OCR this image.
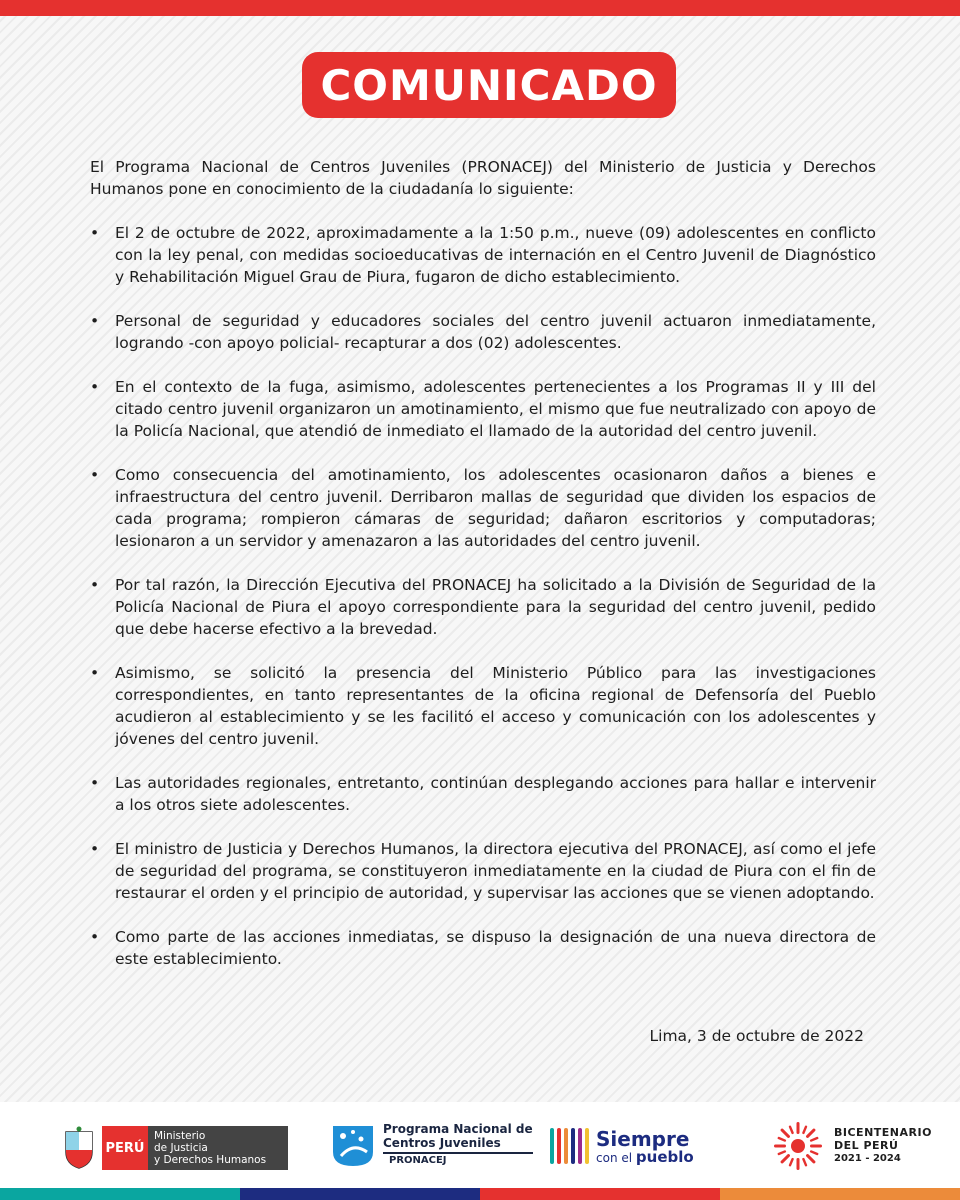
COMUNICADO

El Programa Nacional de Centros Juveniles (PRONACEJ) del Ministerio de Justicia y Derechos Humanos pone en conocimiento de la ciudadanía lo siguiente:

•	El 2 de octubre de 2022, aproximadamente a la 1:50 p.m., nueve (09) adolescentes en conflicto con la ley penal, con medidas socioeducativas de internación en el Centro Juvenil de Diagnóstico y Rehabilitación Miguel Grau de Piura, fugaron de dicho establecimiento.
•	Personal de seguridad y educadores sociales del centro juvenil actuaron inmediatamente, logrando -con apoyo policial- recapturar a dos (02) adolescentes.
•	En el contexto de la fuga, asimismo, adolescentes pertenecientes a los Programas II y III del citado centro juvenil organizaron un amotinamiento, el mismo que fue neutralizado con apoyo de la Policía Nacional, que atendió de inmediato el llamado de la autoridad del centro juvenil.
•	Como consecuencia del amotinamiento, los adolescentes ocasionaron daños a bienes e infraestructura del centro juvenil. Derribaron mallas de seguridad que dividen los espacios de cada programa; rompieron cámaras de seguridad; dañaron escritorios y computadoras; lesionaron a un servidor y amenazaron a las autoridades del centro juvenil.
•	Por tal razón, la Dirección Ejecutiva del PRONACEJ ha solicitado a la División de Seguridad de la Policía Nacional de Piura el apoyo correspondiente para la seguridad del centro juvenil, pedido que debe hacerse efectivo a la brevedad.
•	Asimismo, se solicitó la presencia del Ministerio Público para las investigaciones correspondientes, en tanto representantes de la oficina regional de Defensoría del Pueblo acudieron al establecimiento y se les facilitó el acceso y comunicación con los adolescentes y jóvenes del centro juvenil.
•	Las autoridades regionales, entretanto, continúan desplegando acciones para hallar e intervenir a los otros siete adolescentes.
•	El ministro de Justicia y Derechos Humanos, la directora ejecutiva del PRONACEJ, así como el jefe de seguridad del programa, se constituyeron inmediatamente en la ciudad de Piura con el fin de restaurar el orden y el principio de autoridad, y supervisar las acciones que se vienen adoptando.
•	Como parte de las acciones inmediatas, se dispuso la designación de una nueva directora de este establecimiento.
Lima, 3 de octubre de 2022
PERÚ
Ministerio
de Justicia
y Derechos Humanos
Programa Nacional de
Centros Juveniles
PRONACEJ
Siempre
con el pueblo
BICENTENARIO
DEL PERÚ
2021 - 2024
